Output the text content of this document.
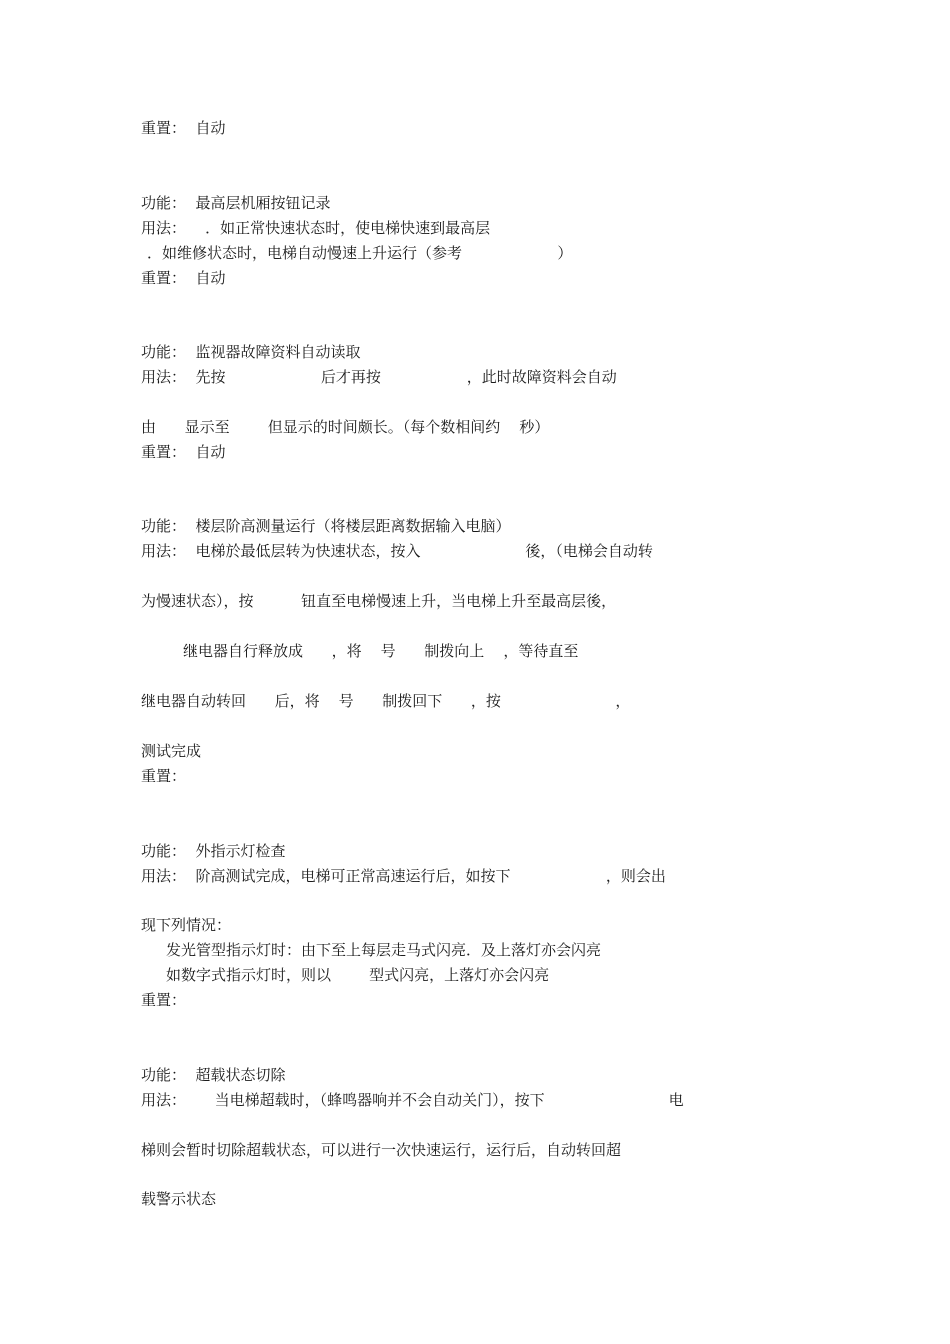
重置：  自动
功能：  最高层机厢按钮记录
用法：    ．如正常快速状态时，使电梯快速到最高层
．如维修状态时，电梯自动慢速上升运行（参考                    ）
重置：  自动
功能：  监视器故障资料自动读取
用法：  先按                    后才再按                  ，此时故障资料会自动
由      显示至        但显示的时间颇长。（每个数相间约    秒）
重置：  自动
功能：  楼层阶高测量运行（将楼层距离数据输入电脑）
用法：  电梯於最低层转为快速状态，按入                      後，（电梯会自动转
为慢速状态），按          钮直至电梯慢速上升，当电梯上升至最高层後，
继电器自行释放成      ，将    号      制拨向上    ，等待直至
继电器自动转回      后，将    号      制拨回下      ，按                        ，
测试完成
重置：
功能：  外指示灯检查
用法：  阶高测试完成，电梯可正常高速运行后，如按下                    ，则会出
现下列情况：
发光管型指示灯时：由下至上每层走马式闪亮．及上落灯亦会闪亮
如数字式指示灯时，则以        型式闪亮，上落灯亦会闪亮
重置：
功能：  超载状态切除
用法：      当电梯超载时，（蜂鸣器响并不会自动关门），按下                          电
梯则会暂时切除超载状态，可以进行一次快速运行，运行后，自动转回超
载警示状态
